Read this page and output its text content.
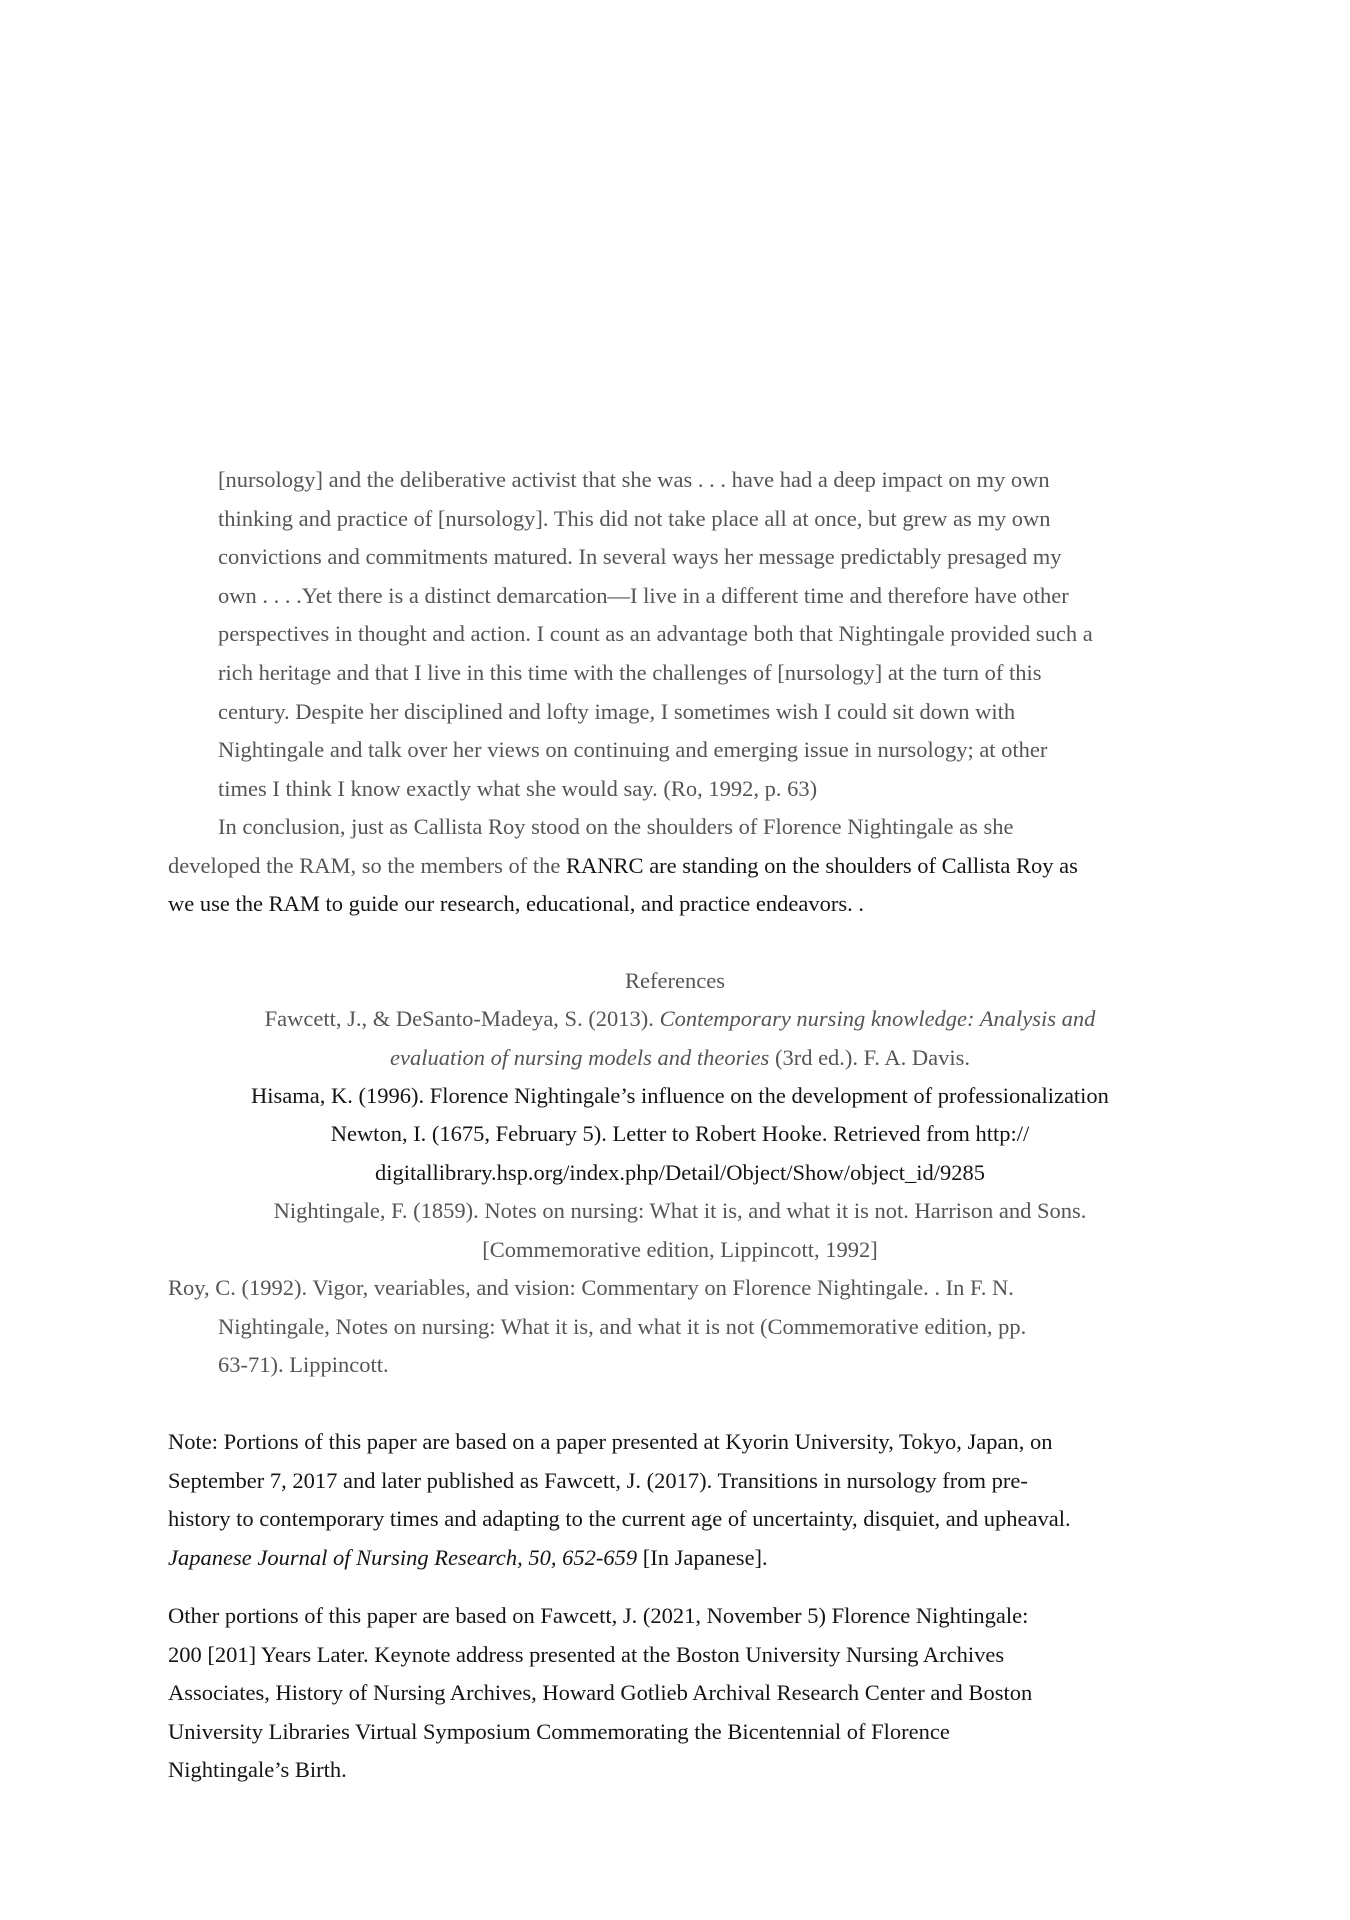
[nursology] and the deliberative activist that she was . . . have had a deep impact on my own
thinking and practice of [nursology]. This did not take place all at once, but grew as my own
convictions and commitments matured. In several ways her message predictably presaged my
own . . . .Yet there is a distinct demarcation—I live in a different time and therefore have other
perspectives in thought and action. I count as an advantage both that Nightingale provided such a
rich heritage and that I live in this time with the challenges of [nursology] at the turn of this
century. Despite her disciplined and lofty image, I sometimes wish I could sit down with
Nightingale and talk over her views on continuing and emerging issue in nursology; at other
times I think I know exactly what she would say. (Ro, 1992, p. 63)
In conclusion, just as Callista Roy stood on the shoulders of Florence Nightingale as she
developed the RAM, so the members of the RANRC are standing on the shoulders of Callista Roy as
we use the RAM to guide our research, educational, and practice endeavors. .
References
Fawcett, J., & DeSanto-Madeya, S. (2013). Contemporary nursing knowledge: Analysis and
evaluation of nursing models and theories (3rd ed.). F. A. Davis.
Hisama, K. (1996). Florence Nightingale’s influence on the development of professionalization
Newton, I. (1675, February 5). Letter to Robert Hooke. Retrieved from http://
digitallibrary.hsp.org/index.php/Detail/Object/Show/object_id/9285
Nightingale, F. (1859). Notes on nursing: What it is, and what it is not. Harrison and Sons.
[Commemorative edition, Lippincott, 1992]
Roy, C. (1992). Vigor, veariables, and vision: Commentary on Florence Nightingale. . In F. N.
Nightingale, Notes on nursing: What it is, and what it is not (Commemorative edition, pp.
63-71). Lippincott.
Note: Portions of this paper are based on a paper presented at Kyorin University, Tokyo, Japan, on
September 7, 2017 and later published as Fawcett, J. (2017). Transitions in nursology from pre-
history to contemporary times and adapting to the current age of uncertainty, disquiet, and upheaval.
Japanese Journal of Nursing Research, 50, 652-659 [In Japanese].
Other portions of this paper are based on Fawcett, J. (2021, November 5) Florence Nightingale:
200 [201] Years Later. Keynote address presented at the Boston University Nursing Archives
Associates, History of Nursing Archives, Howard Gotlieb Archival Research Center and Boston
University Libraries Virtual Symposium Commemorating the Bicentennial of Florence
Nightingale’s Birth.
